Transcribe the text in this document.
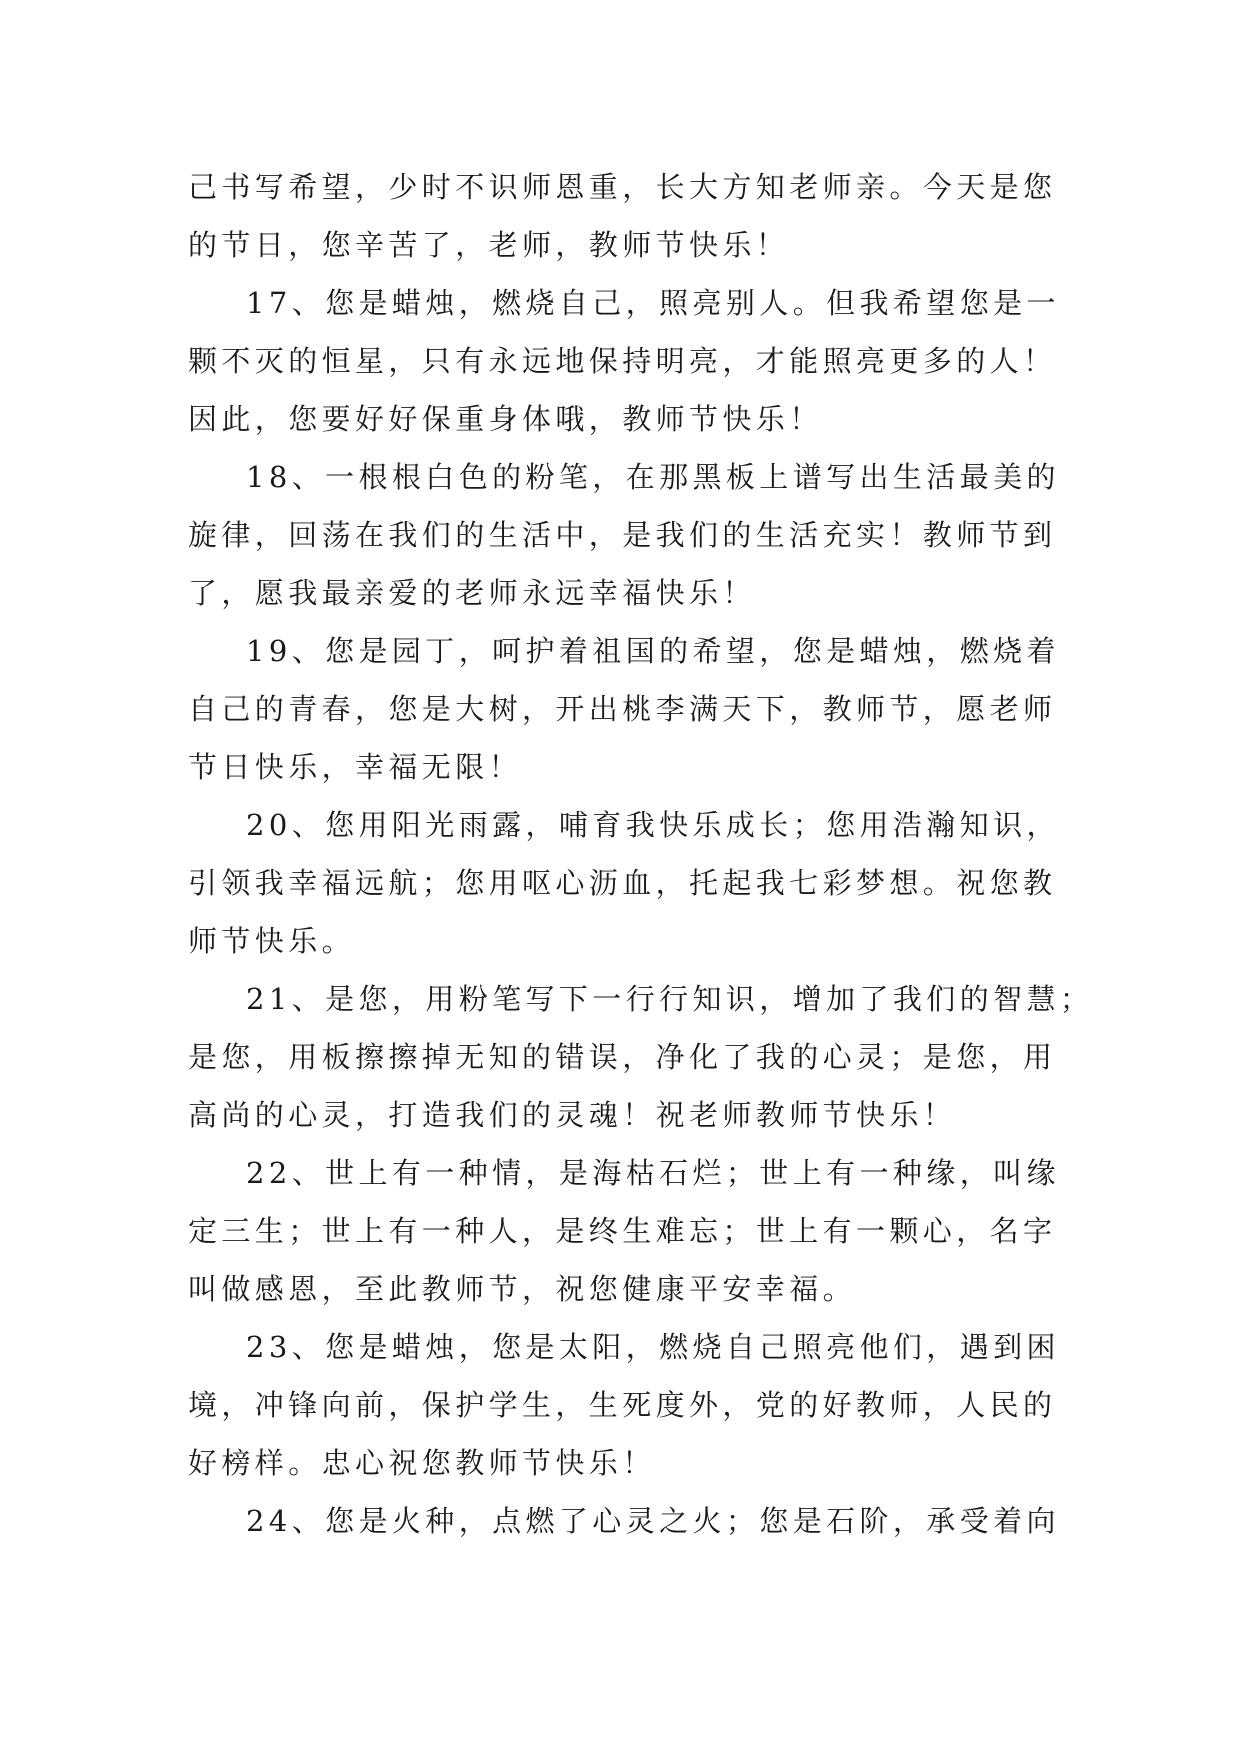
己书写希望，少时不识师恩重，长大方知老师亲。今天是您
的节日，您辛苦了，老师，教师节快乐！
17、您是蜡烛，燃烧自己，照亮别人。但我希望您是一
颗不灭的恒星，只有永远地保持明亮，才能照亮更多的人！
因此，您要好好保重身体哦，教师节快乐！
18、一根根白色的粉笔，在那黑板上谱写出生活最美的
旋律，回荡在我们的生活中，是我们的生活充实！教师节到
了，愿我最亲爱的老师永远幸福快乐！
19、您是园丁，呵护着祖国的希望，您是蜡烛，燃烧着
自己的青春，您是大树，开出桃李满天下，教师节，愿老师
节日快乐，幸福无限！
20、您用阳光雨露，哺育我快乐成长；您用浩瀚知识，
引领我幸福远航；您用呕心沥血，托起我七彩梦想。祝您教
师节快乐。
21、是您，用粉笔写下一行行知识，增加了我们的智慧；
是您，用板擦擦掉无知的错误，净化了我的心灵；是您，用
高尚的心灵，打造我们的灵魂！祝老师教师节快乐！
22、世上有一种情，是海枯石烂；世上有一种缘，叫缘
定三生；世上有一种人，是终生难忘；世上有一颗心，名字
叫做感恩，至此教师节，祝您健康平安幸福。
23、您是蜡烛，您是太阳，燃烧自己照亮他们，遇到困
境，冲锋向前，保护学生，生死度外，党的好教师，人民的
好榜样。忠心祝您教师节快乐！
24、您是火种，点燃了心灵之火；您是石阶，承受着向
